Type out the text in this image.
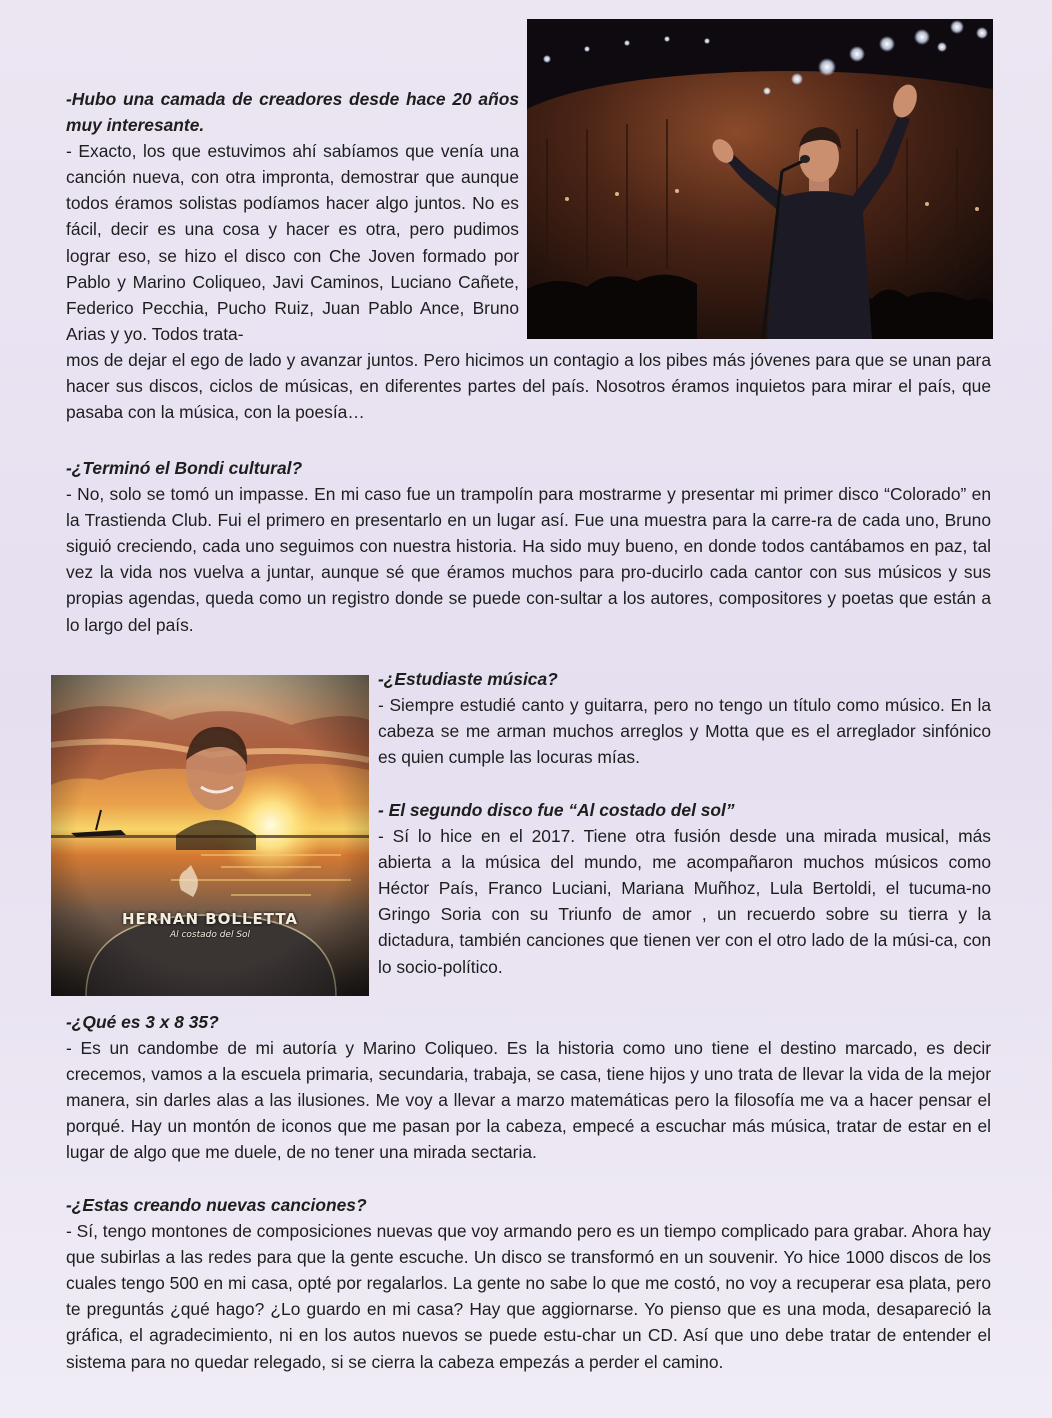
HERNAN BOLLETTA
Al costado del Sol

-Hubo una camada de creadores desde hace 20 años muy interesante.
- Exacto, los que estuvimos ahí sabíamos que venía una canción nueva, con otra impronta, demostrar que aunque todos éramos solistas podíamos hacer algo juntos. No es fácil, decir es una cosa y hacer es otra, pero pudimos lograr eso, se hizo el disco con Che Joven formado por Pablo y Marino Coliqueo, Javi Caminos, Luciano Cañete, Federico Pecchia, Pucho Ruiz, Juan Pablo Ance, Bruno Arias y yo. Todos trata-

mos de dejar el ego de lado y avanzar juntos. Pero hicimos un contagio a los pibes más jóvenes para que se unan para hacer sus discos, ciclos de músicas, en diferentes partes del país. Nosotros éramos inquietos para mirar el país, que pasaba con la música, con la poesía…

-¿Terminó el Bondi cultural?
- No, solo se tomó un impasse. En mi caso fue un trampolín para mostrarme y presentar mi primer disco “Colorado” en la Trastienda Club. Fui el primero en presentarlo en un lugar así. Fue una muestra para la carre-ra de cada uno, Bruno siguió creciendo, cada uno seguimos con nuestra historia. Ha sido muy bueno, en donde todos cantábamos en paz, tal vez la vida nos vuelva a juntar, aunque sé que éramos muchos para pro-ducirlo cada cantor con sus músicos y sus propias agendas, queda como un registro donde se puede con-sultar a los autores, compositores y poetas que están a lo largo del país.

-¿Estudiaste música?
- Siempre estudié canto y guitarra, pero no tengo un título como músico. En la cabeza se me arman muchos arreglos y Motta que es el arreglador sinfónico es quien cumple las locuras mías.

- El segundo disco fue “Al costado del sol”
- Sí lo hice en el 2017. Tiene otra fusión desde una mirada musical, más abierta a la música del mundo, me acompañaron muchos músicos como Héctor País, Franco Luciani, Mariana Muñhoz, Lula Bertoldi, el tucuma-no Gringo Soria con su Triunfo de amor , un recuerdo sobre su tierra y la dictadura, también canciones que tienen ver con el otro lado de la músi-ca, con lo socio-político.

-¿Qué es 3 x 8 35?
- Es un candombe de mi autoría y Marino Coliqueo. Es la historia como uno tiene el destino marcado, es decir crecemos, vamos a la escuela primaria, secundaria, trabaja, se casa, tiene hijos y uno trata de llevar la vida de la mejor manera, sin darles alas a las ilusiones. Me voy a llevar a marzo matemáticas pero la filosofía me va a hacer pensar el porqué. Hay un montón de iconos que me pasan por la cabeza, empecé a escuchar más música, tratar de estar en el lugar de algo que me duele, de no tener una mirada sectaria.

-¿Estas creando nuevas canciones?
- Sí, tengo montones de composiciones nuevas que voy armando pero es un tiempo complicado para grabar. Ahora hay que subirlas a las redes para que la gente escuche. Un disco se transformó en un souvenir. Yo hice 1000 discos de los cuales tengo 500 en mi casa, opté por regalarlos. La gente no sabe lo que me costó, no voy a recuperar esa plata, pero te preguntás ¿qué hago? ¿Lo guardo en mi casa? Hay que aggiornarse. Yo pienso que es una moda, desapareció la gráfica, el agradecimiento, ni en los autos nuevos se puede estu-char un CD. Así que uno debe tratar de entender el sistema para no quedar relegado, si se cierra la cabeza empezás a perder el camino.
